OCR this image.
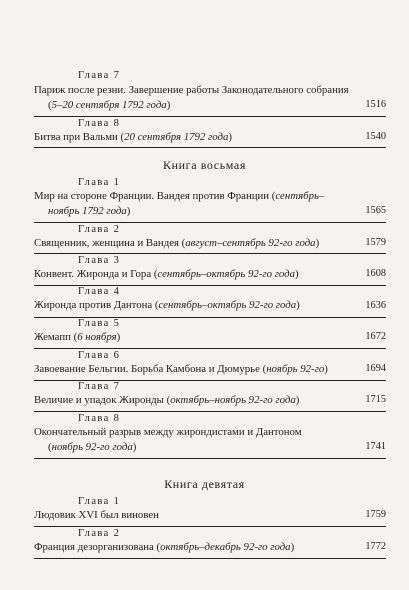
Глава 7
Париж после резни. Завершение работы Законодательного собрания
(5–20 сентября 1792 года)	1516
Глава 8
Битва при Вальми (20 сентября 1792 года)	1540
Книга восьмая
Глава 1
Мир на стороне Франции. Вандея против Франции (сентябрь–
ноябрь 1792 года)	1565
Глава 2
Священник, женщина и Вандея (август–сентябрь 92-го года)	1579
Глава 3
Конвент. Жиронда и Гора (сентябрь–октябрь 92-го года)	1608
Глава 4
Жиронда против Дантона (сентябрь–октябрь 92-го года)	1636
Глава 5
Жемапп (6 ноября)	1672
Глава 6
Завоевание Бельгии. Борьба Камбона и Дюмурье (ноябрь 92-го)	1694
Глава 7
Величие и упадок Жиронды (октябрь–ноябрь 92-го года)	1715
Глава 8
Окончательный разрыв между жирондистами и Дантоном
(ноябрь 92-го года)	1741
Книга девятая
Глава 1
Людовик XVI был виновен	1759
Глава 2
Франция дезорганизована (октябрь–декабрь 92-го года)	1772
